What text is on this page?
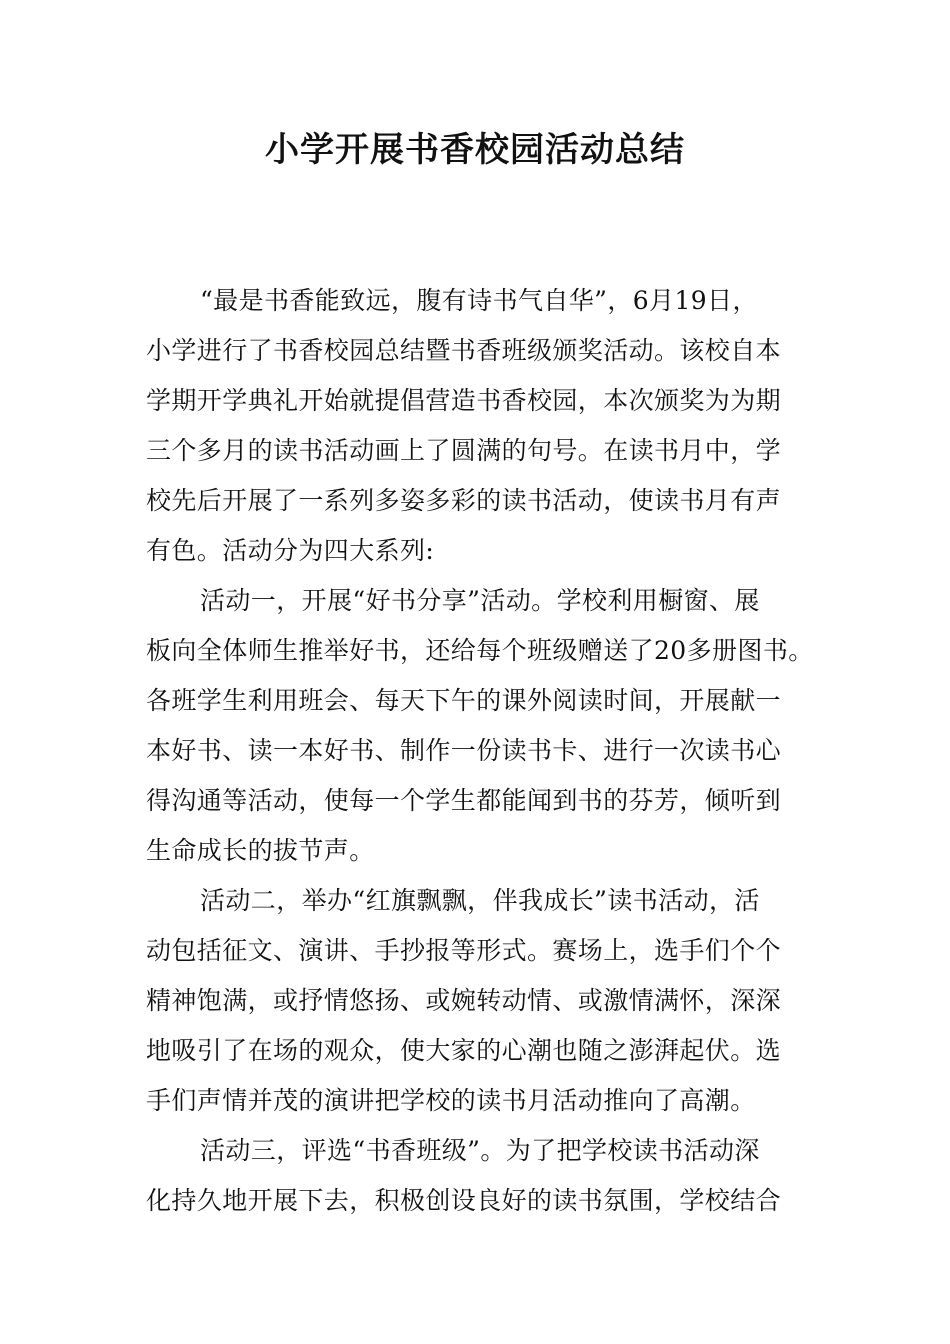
小学开展书香校园活动总结
“最是书香能致远，腹有诗书气自华”，6月19日，
小学进行了书香校园总结暨书香班级颁奖活动。该校自本
学期开学典礼开始就提倡营造书香校园，本次颁奖为为期
三个多月的读书活动画上了圆满的句号。在读书月中，学
校先后开展了一系列多姿多彩的读书活动，使读书月有声
有色。活动分为四大系列:
活动一，开展“好书分享”活动。学校利用橱窗、展
板向全体师生推举好书，还给每个班级赠送了20多册图书。
各班学生利用班会、每天下午的课外阅读时间，开展献一
本好书、读一本好书、制作一份读书卡、进行一次读书心
得沟通等活动，使每一个学生都能闻到书的芬芳，倾听到
生命成长的拔节声。
活动二，举办“红旗飘飘，伴我成长”读书活动，活
动包括征文、演讲、手抄报等形式。赛场上，选手们个个
精神饱满，或抒情悠扬、或婉转动情、或激情满怀，深深
地吸引了在场的观众，使大家的心潮也随之澎湃起伏。选
手们声情并茂的演讲把学校的读书月活动推向了高潮。
活动三，评选“书香班级”。为了把学校读书活动深
化持久地开展下去，积极创设良好的读书氛围，学校结合
